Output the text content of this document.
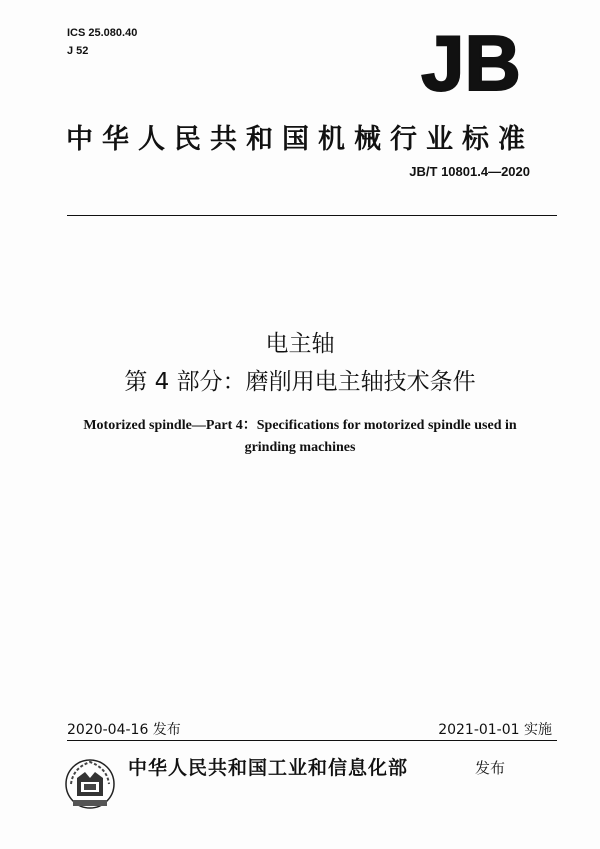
ICS 25.080.40
J 52	JB
中华人民共和国机械行业标准
JB/T 10801.4—2020
电主轴
第 4 部分：磨削用电主轴技术条件
Motorized spindle—Part 4：Specifications for motorized spindle used in grinding machines
2020-04-16 发布	2021-01-01 实施
中华人民共和国工业和信息化部	发布
